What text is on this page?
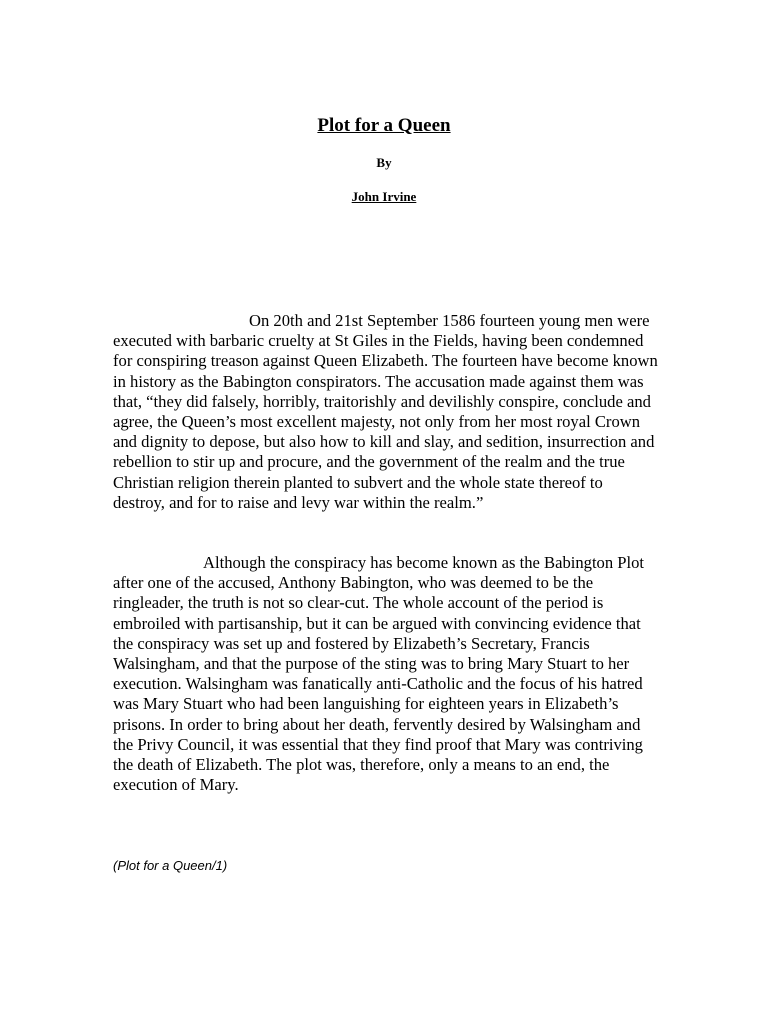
Plot for a Queen
By
John Irvine

On 20th and 21st September 1586 fourteen young men were executed with barbaric cruelty at St Giles in the Fields, having been condemned for conspiring treason against Queen Elizabeth. The fourteen have become known in history as the Babington conspirators. The accusation made against them was that, “they did falsely, horribly, traitorishly and devilishly conspire, conclude and agree, the Queen’s most excellent majesty, not only from her most royal Crown and dignity to depose, but also how to kill and slay, and sedition, insurrection and rebellion to stir up and procure, and the government of the realm and the true Christian religion therein planted to subvert and the whole state thereof to destroy, and for to raise and levy war within the realm.”

Although the conspiracy has become known as the Babington Plot after one of the accused, Anthony Babington, who was deemed to be the ringleader, the truth is not so clear-cut. The whole account of the period is embroiled with partisanship, but it can be argued with convincing evidence that the conspiracy was set up and fostered by Elizabeth’s Secretary, Francis Walsingham, and that the purpose of the sting was to bring Mary Stuart to her execution. Walsingham was fanatically anti-Catholic and the focus of his hatred was Mary Stuart who had been languishing for eighteen years in Elizabeth’s prisons. In order to bring about her death, fervently desired by Walsingham and the Privy Council, it was essential that they find proof that Mary was contriving the death of Elizabeth. The plot was, therefore, only a means to an end, the execution of Mary.

(Plot for a Queen/1)
